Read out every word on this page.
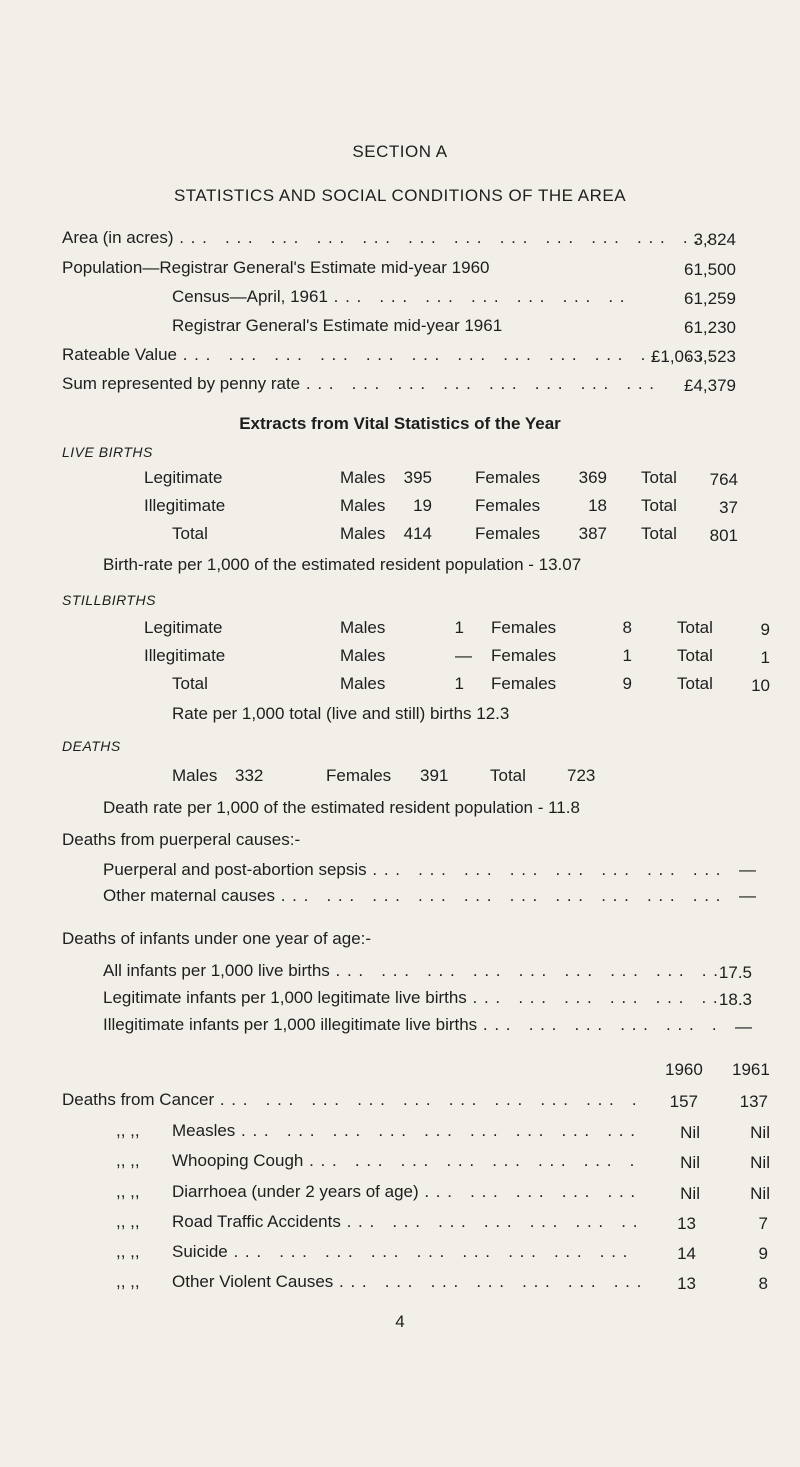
SECTION A
STATISTICS AND SOCIAL CONDITIONS OF THE AREA
Area (in acres) . . .	3,824
Population—Registrar General's Estimate mid-year 1960	61,500
Census—April, 1961 . . .	61,259
Registrar General's Estimate mid-year 1961	61,230
Rateable Value . . .	£1,063,523
Sum represented by penny rate . . .	£4,379
Extracts from Vital Statistics of the Year
LIVE BIRTHS
Legitimate	Males 395	Females 369 Total 764
Illegitimate	Males 19	Females	18 Total 37
Total	Males 414	Females 387 Total 801
Birth-rate per 1,000 of the estimated resident population - 13.07
STILLBIRTHS
Legitimate	Males	1 Females	8	Total	9
Illegitimate	Males	— Females	1	Total	1
Total	Males	1 Females	9	Total 10
Rate per 1,000 total (live and still) births 12.3
DEATHS
Males 332	Females 391 Total 723
Death rate per 1,000 of the estimated resident population - 11.8
Deaths from puerperal causes:-
Puerperal and post-abortion sepsis . . .	—
Other maternal causes . . .	—
Deaths of infants under one year of age:-
All infants per 1,000 live births . . .	17.5
Legitimate infants per 1,000 legitimate live births . . .	18.3
Illegitimate infants per 1,000 illegitimate live births . . .	—
1960 1961
Deaths from Cancer . . .	157 137
,, ,, Measles . . .	Nil	Nil
,, ,, Whooping Cough . . .	Nil	Nil
,, ,, Diarrhoea (under 2 years of age) . . .	Nil	Nil
,, ,, Road Traffic Accidents . . .	13	7
,, ,, Suicide . . .	14	9
,, ,, Other Violent Causes . . .	13	8
4
